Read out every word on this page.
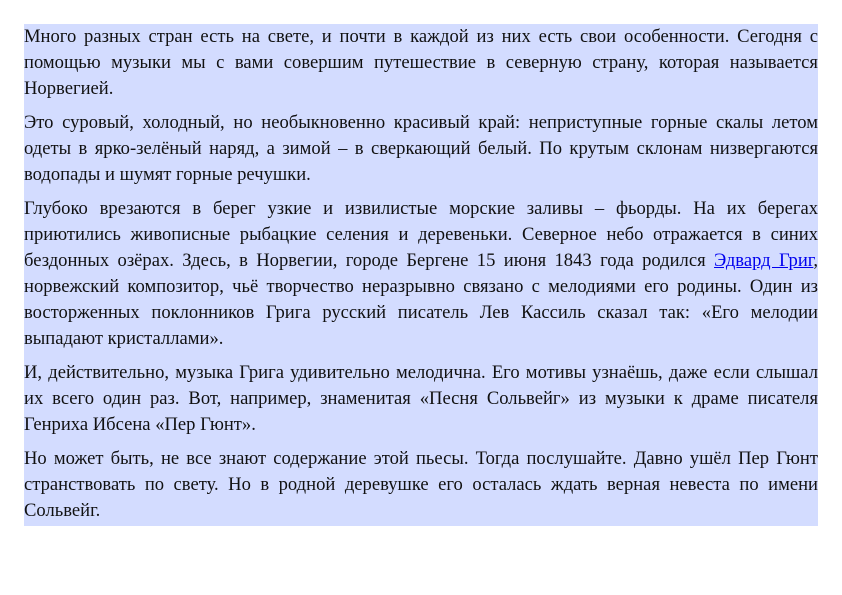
Много разных стран есть на свете, и почти в каждой из них есть свои особенности. Сегодня с помощью музыки мы с вами совершим путешествие в северную страну, которая называется Норвегией.

Это суровый, холодный, но необыкновенно красивый край: неприступные горные скалы летом одеты в ярко-зелёный наряд, а зимой – в сверкающий белый. По крутым склонам низвергаются водопады и шумят горные речушки.

Глубоко врезаются в берег узкие и извилистые морские заливы – фьорды. На их берегах приютились живописные рыбацкие селения и деревеньки. Северное небо отражается в синих бездонных озёрах. Здесь, в Норвегии, городе Бергене 15 июня 1843 года родился Эдвард Григ, норвежский композитор, чьё творчество неразрывно связано с мелодиями его родины. Один из восторженных поклонников Грига русский писатель Лев Кассиль сказал так: «Его мелодии выпадают кристаллами».

И, действительно, музыка Грига удивительно мелодична. Его мотивы узнаёшь, даже если слышал их всего один раз. Вот, например, знаменитая «Песня Сольвейг» из музыки к драме писателя Генриха Ибсена «Пер Гюнт».

Но может быть, не все знают содержание этой пьесы. Тогда послушайте. Давно ушёл Пер Гюнт странствовать по свету. Но в родной деревушке его осталась ждать верная невеста по имени Сольвейг.
